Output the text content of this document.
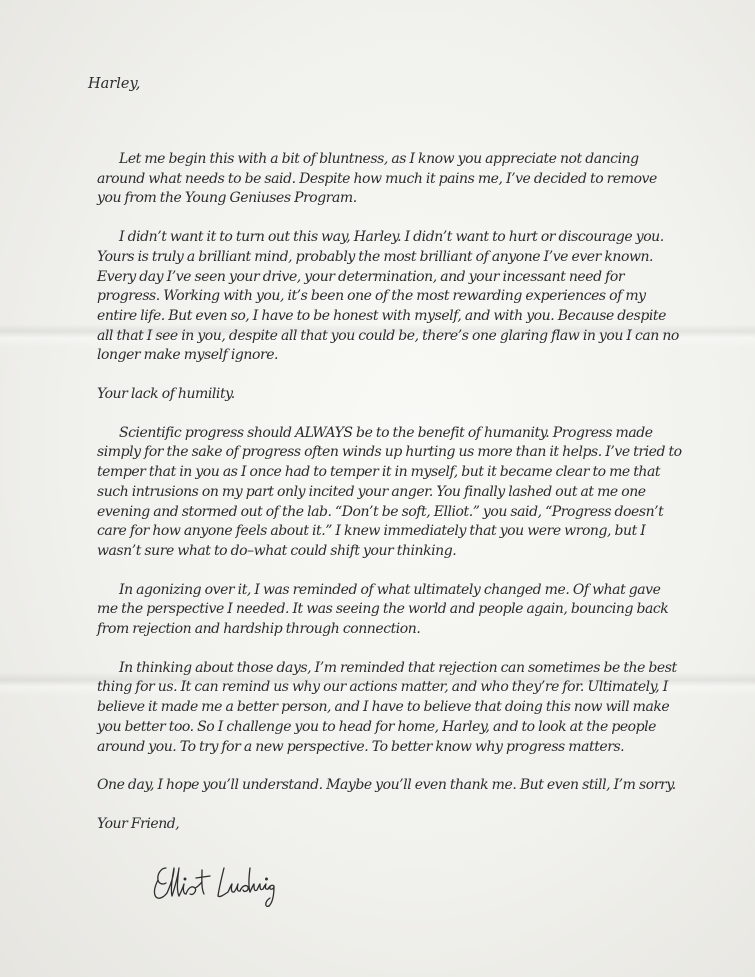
Harley,

Let me begin this with a bit of bluntness, as I know you appreciate not dancing around what needs to be said. Despite how much it pains me, I’ve decided to remove you from the Young Geniuses Program.

I didn’t want it to turn out this way, Harley. I didn’t want to hurt or discourage you. Yours is truly a brilliant mind, probably the most brilliant of anyone I’ve ever known. Every day I’ve seen your drive, your determination, and your incessant need for progress. Working with you, it’s been one of the most rewarding experiences of my entire life. But even so, I have to be honest with myself, and with you. Because despite all that I see in you, despite all that you could be, there’s one glaring flaw in you I can no longer make myself ignore.

Your lack of humility.

Scientific progress should ALWAYS be to the benefit of humanity. Progress made simply for the sake of progress often winds up hurting us more than it helps. I’ve tried to temper that in you as I once had to temper it in myself, but it became clear to me that such intrusions on my part only incited your anger. You finally lashed out at me one evening and stormed out of the lab. “Don’t be soft, Elliot.” you said, “Progress doesn’t care for how anyone feels about it.” I knew immediately that you were wrong, but I wasn’t sure what to do–what could shift your thinking.

In agonizing over it, I was reminded of what ultimately changed me. Of what gave me the perspective I needed. It was seeing the world and people again, bouncing back from rejection and hardship through connection.

In thinking about those days, I’m reminded that rejection can sometimes be the best thing for us. It can remind us why our actions matter, and who they’re for. Ultimately, I believe it made me a better person, and I have to believe that doing this now will make you better too. So I challenge you to head for home, Harley, and to look at the people around you. To try for a new perspective. To better know why progress matters.

One day, I hope you’ll understand. Maybe you’ll even thank me. But even still, I’m sorry.

Your Friend,
